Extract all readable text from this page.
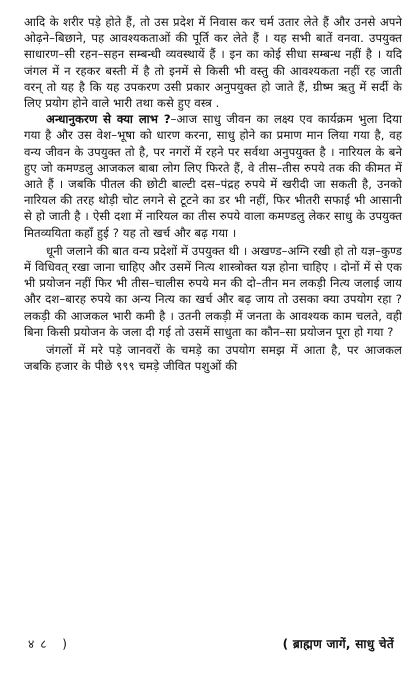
आदि के शरीर पड़े होते हैं, तो उस प्रदेश में निवास कर चर्म उतार लेते हैं और उनसे अपने ओढ़ने–बिछाने, पह आवश्यकताओं की पूर्ति कर लेते हैं । यह सभी बातें वनवा. उपयुक्त साधारण–सी रहन–सहन सम्बन्धी व्यवस्थायें हैं । इन का कोई सीधा सम्बन्ध नहीं है । यदि जंगल में न रहकर बस्ती में है तो इनमें से किसी भी वस्तु की आवश्यकता नहीं रह जाती वरन् तो यह है कि यह उपकरण उसी प्रकार अनुपयुक्त हो जाते हैं, ग्रीष्म ऋतु में सर्दी के लिए प्रयोग होने वाले भारी तथा कसे हुए वस्त्र .

अन्धानुकरण से क्या लाभ ?–आज साधु जीवन का लक्ष्य एव कार्यक्रम भुला दिया गया है और उस वेश–भूषा को धारण करना, साधु होने का प्रमाण मान लिया गया है, वह वन्य जीवन के उपयुक्त तो है, पर नगरों में रहने पर सर्वथा अनुपयुक्त है । नारियल के बने हुए जो कमण्डलु आजकल बाबा लोग लिए फिरते हैं, वे तीस–तीस रुपये तक की कीमत में आते हैं । जबकि पीतल की छोटी बाल्टी दस–पंद्रह रुपये में खरीदी जा सकती है, उनको नारियल की तरह थोड़ी चोट लगने से टूटने का डर भी नहीं, फिर भीतरी सफाई भी आसानी से हो जाती है । ऐसी दशा में नारियल का तीस रुपये वाला कमण्डलु लेकर साधु के उपयुक्त मितव्ययिता कहाँ हुई ? यह तो खर्च और बढ़ गया ।

धूनी जलाने की बात वन्य प्रदेशों में उपयुक्त थी । अखण्ड–अग्नि रखी हो तो यज्ञ–कुण्ड में विधिवत् रखा जाना चाहिए और उसमें नित्य शास्त्रोक्त यज्ञ होना चाहिए । दोनों में से एक भी प्रयोजन नहीं फिर भी तीस–चालीस रुपये मन की दो–तीन मन लकड़ी नित्य जलाई जाय और दश–बारह रुपये का अन्य नित्य का खर्च और बढ़ जाय तो उसका क्या उपयोग रहा ? लकड़ी की आजकल भारी कमी है । उतनी लकड़ी में जनता के आवश्यक काम चलते, वही बिना किसी प्रयोजन के जला दी गई तो उसमें साधुता का कौन–सा प्रयोजन पूरा हो गया ?

जंगलों में मरे पड़े जानवरों के चमड़े का उपयोग समझ में आता है, पर आजकल जबकि हजार के पीछे ९९९ चमड़े जीवित पशुओं की

४८ )	( ब्राह्मण जागें, साधु चेतें
